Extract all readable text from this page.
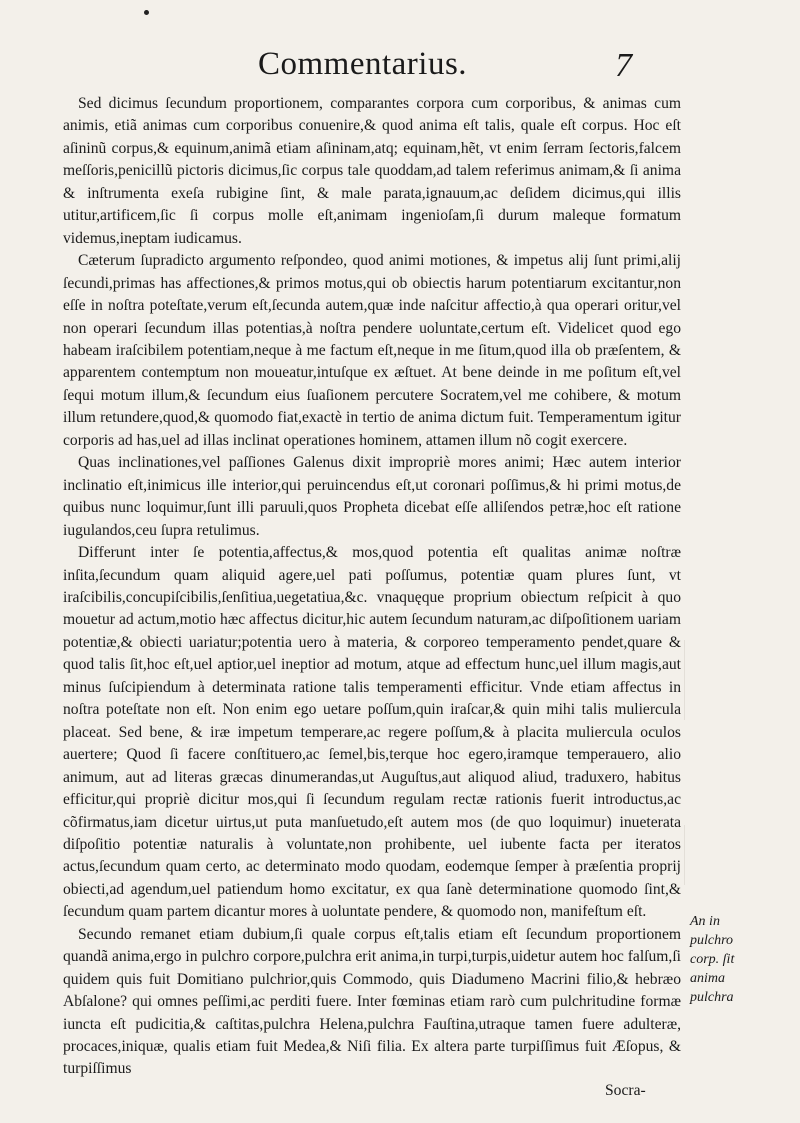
Commentarius.	7

Sed dicimus ſecundum proportionem, comparantes corpora cum corporibus, & animas cum animis, etiã animas cum corporibus conuenire,& quod anima eſt talis, quale eſt corpus. Hoc eſt aſininũ corpus,& equinum,animã etiam aſininam,atq; equinam,hẽt, vt enim ſerram ſectoris,falcem meſſoris,penicillũ pictoris dicimus,ſic corpus tale quoddam,ad talem referimus animam,& ſi anima & inſtrumenta exeſa rubigine ſint, & male parata,ignauum,ac deſidem dicimus,qui illis utitur,artificem,ſic ſi corpus molle eſt,animam ingenioſam,ſi durum maleque formatum videmus,ineptam iudicamus.

Cæterum ſupradicto argumento reſpondeo, quod animi motiones, & impetus alij ſunt primi,alij ſecundi,primas has affectiones,& primos motus,qui ob obiectis harum potentiarum excitantur,non eſſe in noſtra poteſtate,verum eſt,ſecunda autem,quæ inde naſcitur affectio,à qua operari oritur,vel non operari ſecundum illas potentias,à noſtra pendere uoluntate,certum eſt. Videlicet quod ego habeam iraſcibilem potentiam,neque à me factum eſt,neque in me ſitum,quod illa ob præſentem, & apparentem contemptum non moueatur,intuſque ex æſtuet. At bene deinde in me poſitum eſt,vel ſequi motum illum,& ſecundum eius ſuaſionem percutere Socratem,vel me cohibere, & motum illum retundere,quod,& quomodo fiat,exactè in tertio de anima dictum fuit. Temperamentum igitur corporis ad has,uel ad illas inclinat operationes hominem, attamen illum nõ cogit exercere.

Quas inclinationes,vel paſſiones Galenus dixit impropriè mores animi; Hæc autem interior inclinatio eſt,inimicus ille interior,qui peruincendus eſt,ut coronari poſſimus,& hi primi motus,de quibus nunc loquimur,ſunt illi paruuli,quos Propheta dicebat eſſe alliſendos petræ,hoc eſt ratione iugulandos,ceu ſupra retulimus.

Differunt inter ſe potentia,affectus,& mos,quod potentia eſt qualitas animæ noſtræ inſita,ſecundum quam aliquid agere,uel pati poſſumus, potentiæ quam plures ſunt, vt iraſcibilis,concupiſcibilis,ſenſitiua,uegetatiua,&c. vnaquęque proprium obiectum reſpicit à quo mouetur ad actum,motio hæc affectus dicitur,hic autem ſecundum naturam,ac diſpoſitionem uariam potentiæ,& obiecti uariatur;potentia uero à materia, & corporeo temperamento pendet,quare & quod talis ſit,hoc eſt,uel aptior,uel ineptior ad motum, atque ad effectum hunc,uel illum magis,aut minus ſuſcipiendum à determinata ratione talis temperamenti efficitur. Vnde etiam affectus in noſtra poteſtate non eſt. Non enim ego uetare poſſum,quin iraſcar,& quin mihi talis muliercula placeat. Sed bene, & iræ impetum temperare,ac regere poſſum,& à placita muliercula oculos auertere; Quod ſi facere conſtituero,ac ſemel,bis,terque hoc egero,iramque temperauero, alio animum, aut ad literas græcas dinumerandas,ut Auguſtus,aut aliquod aliud, traduxero, habitus efficitur,qui propriè dicitur mos,qui ſi ſecundum regulam rectæ rationis fuerit introductus,ac cõfirmatus,iam dicetur uirtus,ut puta manſuetudo,eſt autem mos (de quo loquimur) inueterata diſpoſitio potentiæ naturalis à voluntate,non prohibente, uel iubente facta per iteratos actus,ſecundum quam certo, ac determinato modo quodam, eodemque ſemper à præſentia proprij obiecti,ad agendum,uel patiendum homo excitatur, ex qua ſanè determinatione quomodo ſint,& ſecundum quam partem dicantur mores à uoluntate pendere, & quomodo non, manifeſtum eſt.

Secundo remanet etiam dubium,ſi quale corpus eſt,talis etiam eſt ſecundum proportionem quandã anima,ergo in pulchro corpore,pulchra erit anima,in turpi,turpis,uidetur autem hoc falſum,ſi quidem quis fuit Domitiano pulchrior,quis Commodo, quis Diadumeno Macrini filio,& hebræo Abſalone? qui omnes peſſimi,ac perditi fuere. Inter fœminas etiam rarò cum pulchritudine formæ iuncta eſt pudicitia,& caſtitas,pulchra Helena,pulchra Fauſtina,utraque tamen fuere adulteræ, procaces,iniquæ, qualis etiam fuit Medea,& Niſi filia. Ex altera parte turpiſſimus fuit Æſopus, & turpiſſimus

An in
pulchro
corp. ſit
anima
pulchra
Socra-
